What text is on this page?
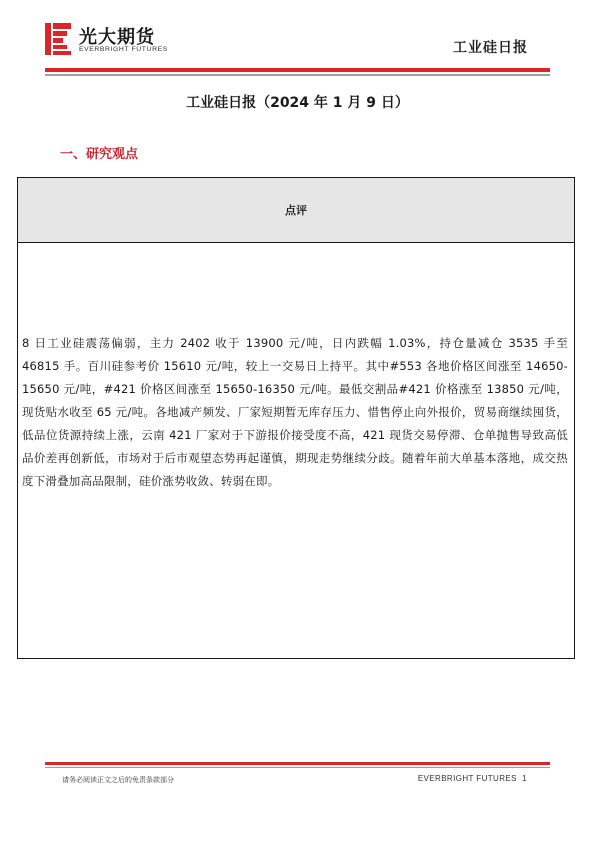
光大期货
EVERBRIGHT FUTURES	工业硅日报
工业硅日报（2024 年 1 月 9 日）
一、研究观点
点评

8 日工业硅震荡偏弱，主力 2402 收于 13900 元/吨，日内跌幅 1.03%，持仓量减仓 3535 手至 46815 手。百川硅参考价 15610 元/吨，较上一交易日上持平。其中#553 各地价格区间涨至 14650-15650 元/吨，#421 价格区间涨至 15650-16350 元/吨。最低交割品#421 价格涨至 13850 元/吨，现货贴水收至 65 元/吨。各地减产频发、厂家短期暂无库存压力、惜售停止向外报价，贸易商继续囤货，低品位货源持续上涨，云南 421 厂家对于下游报价接受度不高，421 现货交易停滞、仓单抛售导致高低品价差再创新低，市场对于后市观望态势再起谨慎，期现走势继续分歧。随着年前大单基本落地，成交热度下滑叠加高品限制，硅价涨势收敛、转弱在即。

请务必阅读正文之后的免责条款部分	EVERBRIGHT FUTURES 1
